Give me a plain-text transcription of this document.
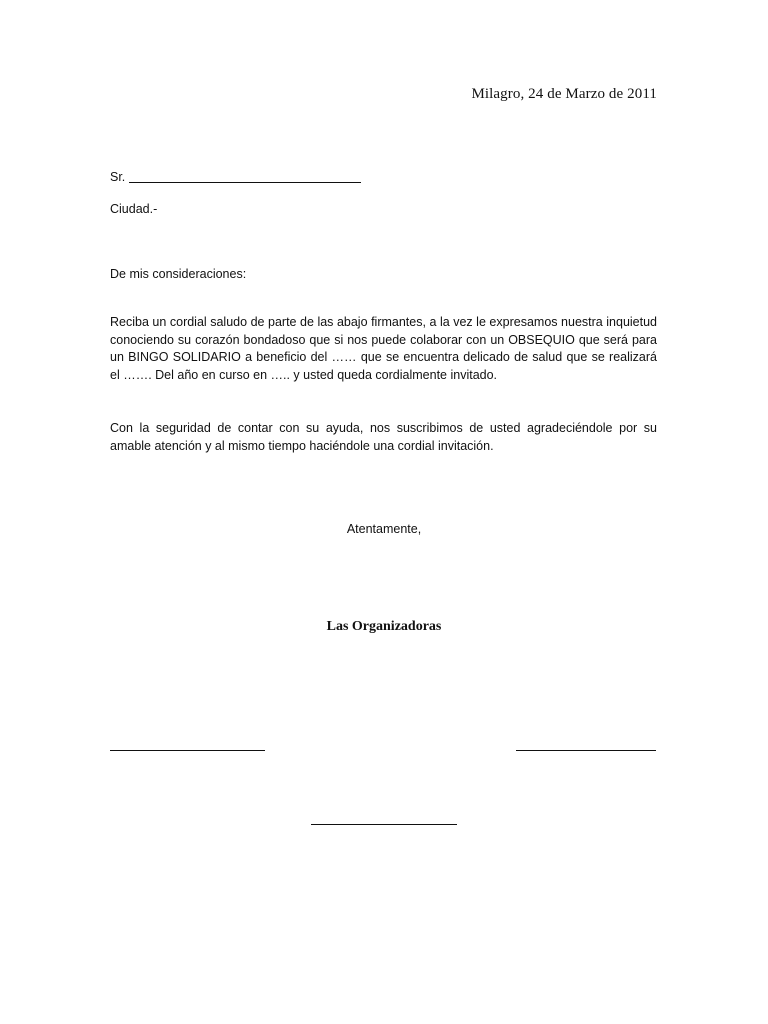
Milagro, 24 de Marzo de 2011
Sr.
Ciudad.-
De mis consideraciones:

Reciba un cordial saludo de parte de las abajo firmantes, a la vez le expresamos nuestra inquietud conociendo su corazón bondadoso que si nos puede colaborar con un OBSEQUIO que será para un BINGO SOLIDARIO a beneficio del …… que se encuentra delicado de salud que se realizará el ……. Del año en curso en ….. y usted queda cordialmente invitado.

Con la seguridad de contar con su ayuda, nos suscribimos de usted agradeciéndole por su amable atención y al mismo tiempo haciéndole una cordial invitación.

Atentamente,
Las Organizadoras
